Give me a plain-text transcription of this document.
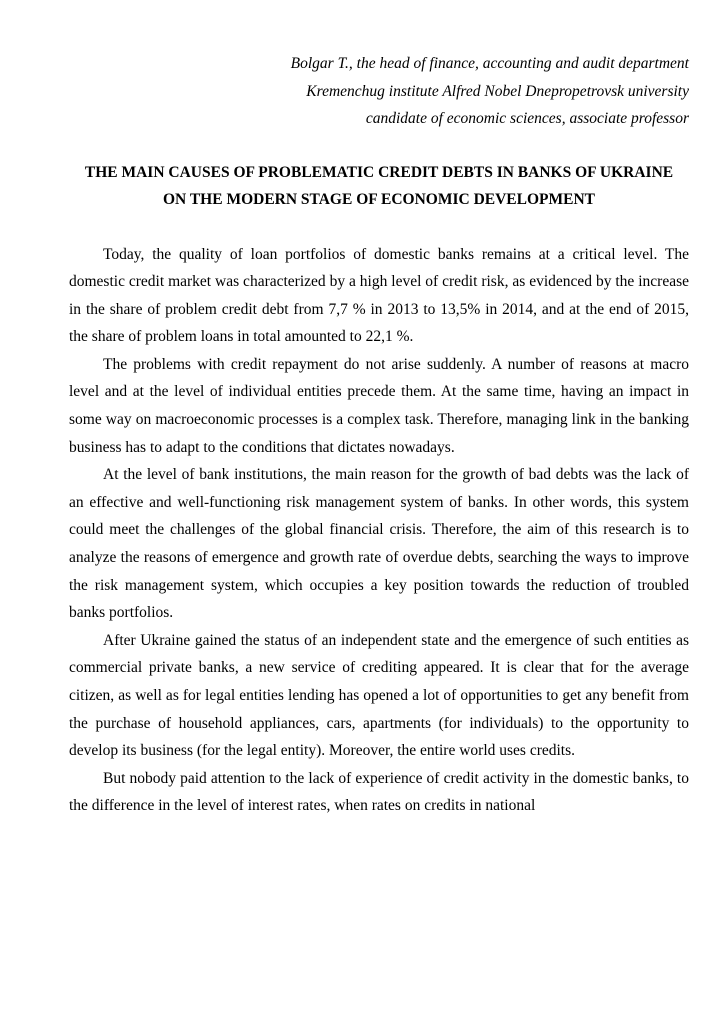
Bolgar T., the head of finance, accounting and audit department
Kremenchug institute Alfred Nobel Dnepropetrovsk university
candidate of economic sciences, associate professor
THE MAIN CAUSES OF PROBLEMATIC CREDIT DEBTS IN BANKS OF UKRAINE
ON THE MODERN STAGE OF ECONOMIC DEVELOPMENT

Today, the quality of loan portfolios of domestic banks remains at a critical level. The domestic credit market was characterized by a high level of credit risk, as evidenced by the increase in the share of problem credit debt from 7,7 % in 2013 to 13,5% in 2014, and at the end of 2015, the share of problem loans in total amounted to 22,1 %.

The problems with credit repayment do not arise suddenly. A number of reasons at macro level and at the level of individual entities precede them. At the same time, having an impact in some way on macroeconomic processes is a complex task. Therefore, managing link in the banking business has to adapt to the conditions that dictates nowadays.

At the level of bank institutions, the main reason for the growth of bad debts was the lack of an effective and well-functioning risk management system of banks. In other words, this system could meet the challenges of the global financial crisis. Therefore, the aim of this research is to analyze the reasons of emergence and growth rate of overdue debts, searching the ways to improve the risk management system, which occupies a key position towards the reduction of troubled banks portfolios.

After Ukraine gained the status of an independent state and the emergence of such entities as commercial private banks, a new service of crediting appeared. It is clear that for the average citizen, as well as for legal entities lending has opened a lot of opportunities to get any benefit from the purchase of household appliances, cars, apartments (for individuals) to the opportunity to develop its business (for the legal entity). Moreover, the entire world uses credits.

But nobody paid attention to the lack of experience of credit activity in the domestic banks, to the difference in the level of interest rates, when rates on credits in national
